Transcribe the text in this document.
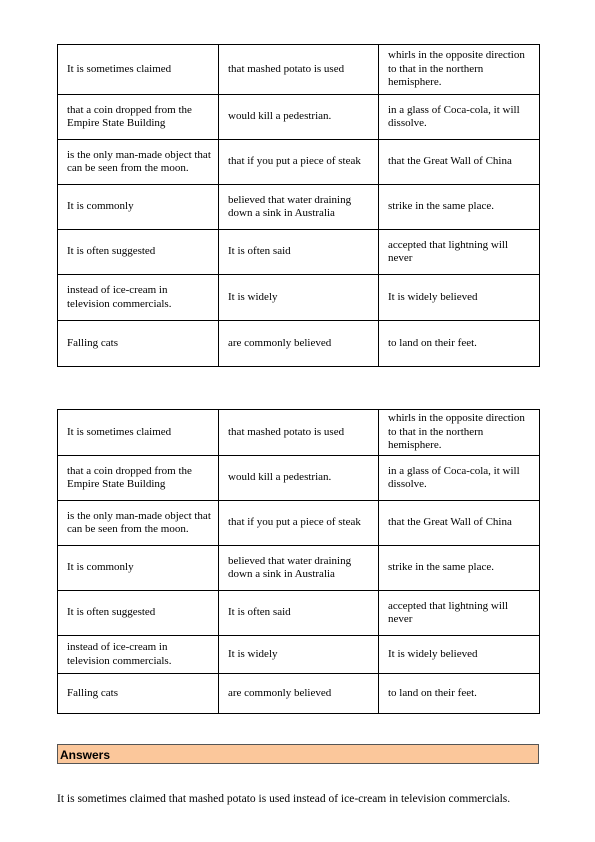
It is sometimes claimed	that mashed potato is used	whirls in the opposite direction to that in the northern hemisphere.
that a coin dropped from the Empire State Building	would kill a pedestrian.	in a glass of Coca-cola, it will dissolve.
is the only man-made object that can be seen from the moon.	that if you put a piece of steak	that the Great Wall of China
It is commonly	believed that water draining down a sink in Australia	strike in the same place.
It is often suggested	It is often said	accepted that lightning will never
instead of ice-cream in television commercials.	It is widely	It is widely believed
Falling cats	are commonly believed	to land on their feet.
It is sometimes claimed	that mashed potato is used	whirls in the opposite direction to that in the northern hemisphere.
that a coin dropped from the Empire State Building	would kill a pedestrian.	in a glass of Coca-cola, it will dissolve.
is the only man-made object that can be seen from the moon.	that if you put a piece of steak	that the Great Wall of China
It is commonly	believed that water draining down a sink in Australia	strike in the same place.
It is often suggested	It is often said	accepted that lightning will never
instead of ice-cream in television commercials.	It is widely	It is widely believed
Falling cats	are commonly believed	to land on their feet.
Answers
It is sometimes claimed that mashed potato is used instead of ice-cream in television commercials.
